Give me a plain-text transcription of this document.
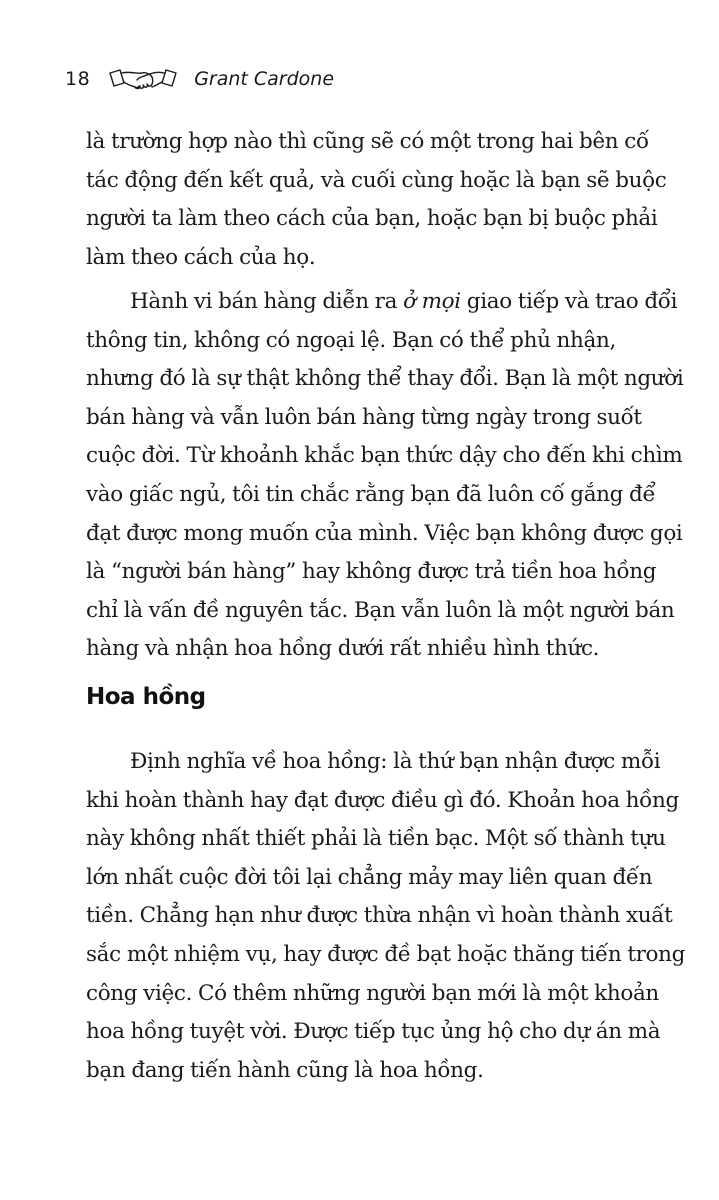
18	Grant Cardone

là trường hợp nào thì cũng sẽ có một trong hai bên cố tác động đến kết quả, và cuối cùng hoặc là bạn sẽ buộc người ta làm theo cách của bạn, hoặc bạn bị buộc phải làm theo cách của họ.

Hành vi bán hàng diễn ra ở mọi giao tiếp và trao đổi thông tin, không có ngoại lệ. Bạn có thể phủ nhận, nhưng đó là sự thật không thể thay đổi. Bạn là một người bán hàng và vẫn luôn bán hàng từng ngày trong suốt cuộc đời. Từ khoảnh khắc bạn thức dậy cho đến khi chìm vào giấc ngủ, tôi tin chắc rằng bạn đã luôn cố gắng để đạt được mong muốn của mình. Việc bạn không được gọi là “người bán hàng” hay không được trả tiền hoa hồng chỉ là vấn đề nguyên tắc. Bạn vẫn luôn là một người bán hàng và nhận hoa hồng dưới rất nhiều hình thức.

Hoa hồng

Định nghĩa về hoa hồng: là thứ bạn nhận được mỗi khi hoàn thành hay đạt được điều gì đó. Khoản hoa hồng này không nhất thiết phải là tiền bạc. Một số thành tựu lớn nhất cuộc đời tôi lại chẳng mảy may liên quan đến tiền. Chẳng hạn như được thừa nhận vì hoàn thành xuất sắc một nhiệm vụ, hay được đề bạt hoặc thăng tiến trong công việc. Có thêm những người bạn mới là một khoản hoa hồng tuyệt vời. Được tiếp tục ủng hộ cho dự án mà bạn đang tiến hành cũng là hoa hồng.
